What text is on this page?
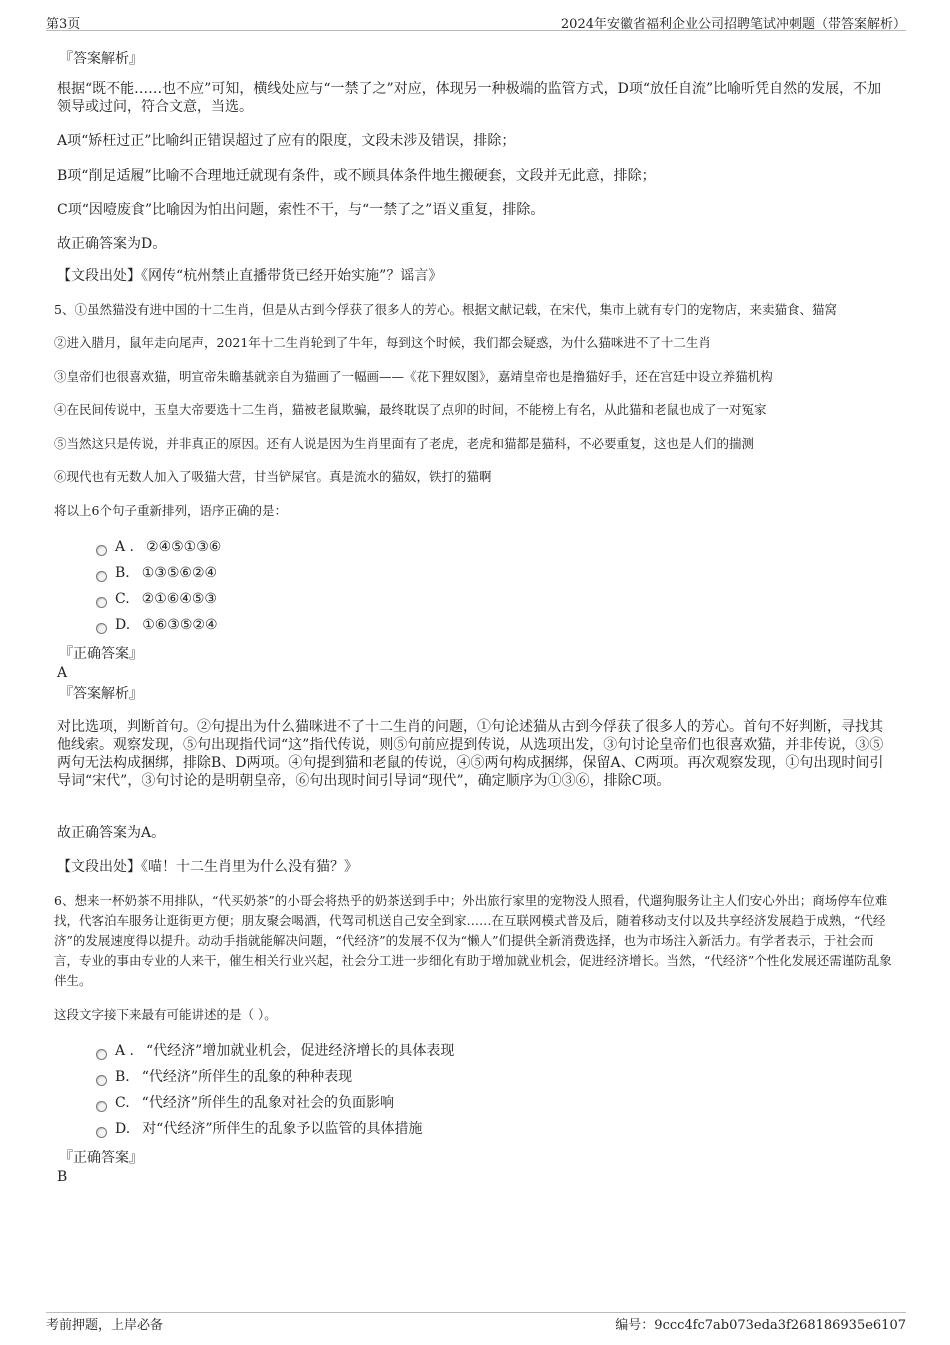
第3页	2024年安徽省福利企业公司招聘笔试冲刺题（带答案解析）
『答案解析』

根据“既不能……也不应”可知，横线处应与“一禁了之”对应，体现另一种极端的监管方式，D项“放任自流”比喻听凭自然的发展，不加领导或过问，符合文意，当选。

A项“矫枉过正”比喻纠正错误超过了应有的限度，文段未涉及错误，排除；

B项“削足适履”比喻不合理地迁就现有条件，或不顾具体条件地生搬硬套，文段并无此意，排除；

C项“因噎废食”比喻因为怕出问题，索性不干，与“一禁了之”语义重复，排除。

故正确答案为D。

【文段出处】《网传“杭州禁止直播带货已经开始实施”？谣言》

5、①虽然猫没有进中国的十二生肖，但是从古到今俘获了很多人的芳心。根据文献记载，在宋代，集市上就有专门的宠物店，来卖猫食、猫窝

②进入腊月，鼠年走向尾声，2021年十二生肖轮到了牛年，每到这个时候，我们都会疑惑，为什么猫咪进不了十二生肖

③皇帝们也很喜欢猫，明宣帝朱瞻基就亲自为猫画了一幅画——《花下狸奴图》，嘉靖皇帝也是撸猫好手，还在宫廷中设立养猫机构

④在民间传说中，玉皇大帝要选十二生肖，猫被老鼠欺骗，最终耽误了点卯的时间，不能榜上有名，从此猫和老鼠也成了一对冤家

⑤当然这只是传说，并非真正的原因。还有人说是因为生肖里面有了老虎，老虎和猫都是猫科，不必要重复，这也是人们的揣测

⑥现代也有无数人加入了吸猫大营，甘当铲屎官。真是流水的猫奴，铁打的猫啊

将以上6个句子重新排列，语序正确的是：

A . ②④⑤①③⑥
B. ①③⑤⑥②④
C. ②①⑥④⑤③
D. ①⑥③⑤②④
『正确答案』
A
『答案解析』

对比选项，判断首句。②句提出为什么猫咪进不了十二生肖的问题，①句论述猫从古到今俘获了很多人的芳心。首句不好判断，寻找其他线索。观察发现，⑤句出现指代词“这”指代传说，则⑤句前应提到传说，从选项出发，③句讨论皇帝们也很喜欢猫，并非传说，③⑤两句无法构成捆绑，排除B、D两项。④句提到猫和老鼠的传说，④⑤两句构成捆绑，保留A、C两项。再次观察发现，①句出现时间引导词“宋代”，③句讨论的是明朝皇帝，⑥句出现时间引导词“现代”，确定顺序为①③⑥，排除C项。

故正确答案为A。

【文段出处】《喵！十二生肖里为什么没有猫？》

6、想来一杯奶茶不用排队，“代买奶茶”的小哥会将热乎的奶茶送到手中；外出旅行家里的宠物没人照看，代遛狗服务让主人们安心外出；商场停车位难找，代客泊车服务让逛街更方便；朋友聚会喝酒，代驾司机送自己安全到家……在互联网模式普及后，随着移动支付以及共享经济发展趋于成熟，“代经济”的发展速度得以提升。动动手指就能解决问题，“代经济”的发展不仅为“懒人”们提供全新消费选择，也为市场注入新活力。有学者表示，于社会而言，专业的事由专业的人来干，催生相关行业兴起，社会分工进一步细化有助于增加就业机会，促进经济增长。当然，“代经济”个性化发展还需谨防乱象伴生。

这段文字接下来最有可能讲述的是（ ）。

A . “代经济”增加就业机会，促进经济增长的具体表现
B. “代经济”所伴生的乱象的种种表现
C. “代经济”所伴生的乱象对社会的负面影响
D. 对“代经济”所伴生的乱象予以监管的具体措施
『正确答案』
B
考前押题，上岸必备	编号：9ccc4fc7ab073eda3f268186935e6107
